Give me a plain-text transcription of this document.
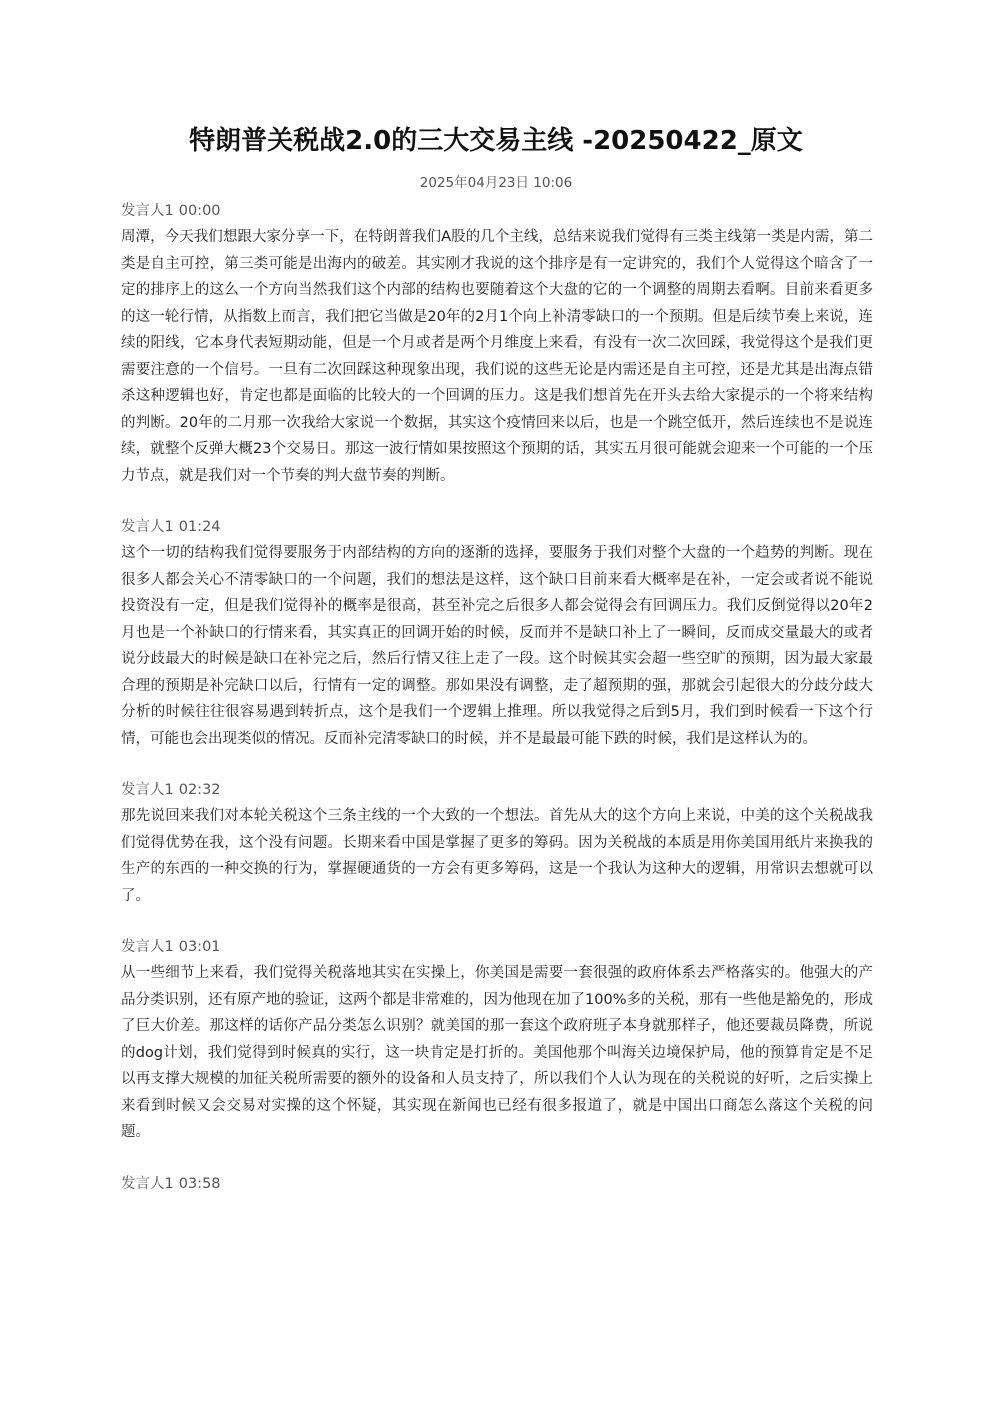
特朗普关税战2.0的三大交易主线 -20250422_原文
2025年04月23日 10:06
发言人1 00:00

周潭，今天我们想跟大家分享一下，在特朗普我们A股的几个主线，总结来说我们觉得有三类主线第一类是内需，第二类是自主可控，第三类可能是出海内的破差。其实刚才我说的这个排序是有一定讲究的，我们个人觉得这个暗含了一定的排序上的这么一个方向当然我们这个内部的结构也要随着这个大盘的它的一个调整的周期去看啊。目前来看更多的这一轮行情，从指数上而言，我们把它当做是20年的2月1个向上补清零缺口的一个预期。但是后续节奏上来说，连续的阳线，它本身代表短期动能，但是一个月或者是两个月维度上来看，有没有一次二次回踩，我觉得这个是我们更需要注意的一个信号。一旦有二次回踩这种现象出现，我们说的这些无论是内需还是自主可控，还是尤其是出海点错杀这种逻辑也好，肯定也都是面临的比较大的一个回调的压力。这是我们想首先在开头去给大家提示的一个将来结构的判断。20年的二月那一次我给大家说一个数据，其实这个疫情回来以后，也是一个跳空低开，然后连续也不是说连续，就整个反弹大概23个交易日。那这一波行情如果按照这个预期的话，其实五月很可能就会迎来一个可能的一个压力节点，就是我们对一个节奏的判大盘节奏的判断。

发言人1 01:24

这个一切的结构我们觉得要服务于内部结构的方向的逐渐的选择，要服务于我们对整个大盘的一个趋势的判断。现在很多人都会关心不清零缺口的一个问题，我们的想法是这样，这个缺口目前来看大概率是在补，一定会或者说不能说投资没有一定，但是我们觉得补的概率是很高，甚至补完之后很多人都会觉得会有回调压力。我们反倒觉得以20年2月也是一个补缺口的行情来看，其实真正的回调开始的时候，反而并不是缺口补上了一瞬间，反而成交量最大的或者说分歧最大的时候是缺口在补完之后，然后行情又往上走了一段。这个时候其实会超一些空旷的预期，因为最大家最合理的预期是补完缺口以后，行情有一定的调整。那如果没有调整，走了超预期的强，那就会引起很大的分歧分歧大分析的时候往往很容易遇到转折点，这个是我们一个逻辑上推理。所以我觉得之后到5月，我们到时候看一下这个行情，可能也会出现类似的情况。反而补完清零缺口的时候，并不是最最可能下跌的时候，我们是这样认为的。

发言人1 02:32

那先说回来我们对本轮关税这个三条主线的一个大致的一个想法。首先从大的这个方向上来说，中美的这个关税战我们觉得优势在我，这个没有问题。长期来看中国是掌握了更多的筹码。因为关税战的本质是用你美国用纸片来换我的生产的东西的一种交换的行为，掌握硬通货的一方会有更多筹码，这是一个我认为这种大的逻辑，用常识去想就可以了。

发言人1 03:01

从一些细节上来看，我们觉得关税落地其实在实操上，你美国是需要一套很强的政府体系去严格落实的。他强大的产品分类识别，还有原产地的验证，这两个都是非常难的，因为他现在加了100%多的关税，那有一些他是豁免的，形成了巨大价差。那这样的话你产品分类怎么识别？就美国的那一套这个政府班子本身就那样子，他还要裁员降费，所说的dog计划，我们觉得到时候真的实行，这一块肯定是打折的。美国他那个叫海关边境保护局，他的预算肯定是不足以再支撑大规模的加征关税所需要的额外的设备和人员支持了，所以我们个人认为现在的关税说的好听，之后实操上来看到时候又会交易对实操的这个怀疑，其实现在新闻也已经有很多报道了，就是中国出口商怎么落这个关税的问题。

发言人1 03:58
